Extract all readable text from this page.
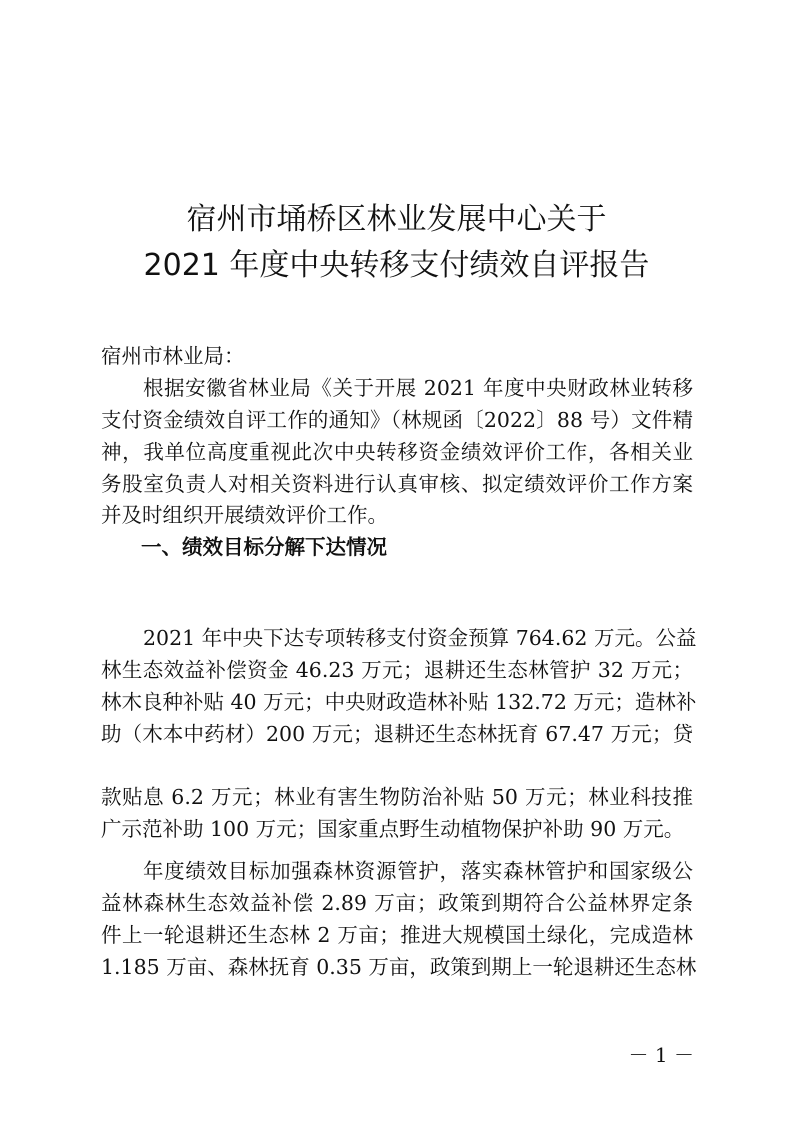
宿州市埇桥区林业发展中心关于
2021 年度中央转移支付绩效自评报告
宿州市林业局：
根据安徽省林业局《关于开展 2021 年度中央财政林业转移
支付资金绩效自评工作的通知》（林规函〔2022〕88 号）文件精
神，我单位高度重视此次中央转移资金绩效评价工作，各相关业
务股室负责人对相关资料进行认真审核、拟定绩效评价工作方案
并及时组织开展绩效评价工作。
一、绩效目标分解下达情况
2021 年中央下达专项转移支付资金预算 764.62 万元。公益
林生态效益补偿资金 46.23 万元；退耕还生态林管护 32 万元；
林木良种补贴 40 万元；中央财政造林补贴 132.72 万元；造林补
助（木本中药材）200 万元；退耕还生态林抚育 67.47 万元；贷
款贴息 6.2 万元；林业有害生物防治补贴 50 万元；林业科技推
广示范补助 100 万元；国家重点野生动植物保护补助 90 万元。
年度绩效目标加强森林资源管护，落实森林管护和国家级公
益林森林生态效益补偿 2.89 万亩；政策到期符合公益林界定条
件上一轮退耕还生态林 2 万亩；推进大规模国土绿化，完成造林
1.185 万亩、森林抚育 0.35 万亩，政策到期上一轮退耕还生态林
－ 1 －
